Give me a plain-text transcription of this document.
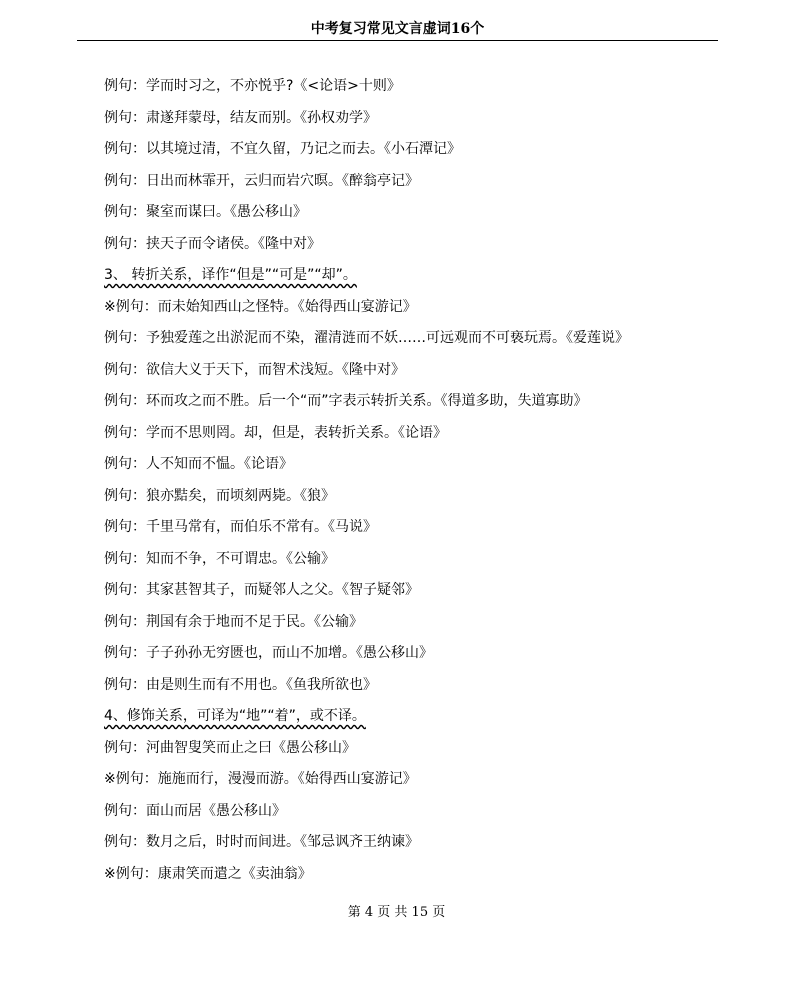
中考复习常见文言虚词16个
例句：学而时习之，不亦悦乎?《<论语>十则》
例句：肃遂拜蒙母，结友而别。《孙权劝学》
例句：以其境过清，不宜久留，乃记之而去。《小石潭记》
例句：日出而林霏开，云归而岩穴暝。《醉翁亭记》
例句：聚室而谋曰。《愚公移山》
例句：挟天子而令诸侯。《隆中对》
3、 转折关系，译作“但是”“可是”“却”。
※例句：而未始知西山之怪特。《始得西山宴游记》
例句：予独爱莲之出淤泥而不染，濯清涟而不妖……可远观而不可亵玩焉。《爱莲说》
例句：欲信大义于天下，而智术浅短。《隆中对》
例句：环而攻之而不胜。后一个“而”字表示转折关系。《得道多助，失道寡助》
例句：学而不思则罔。却，但是，表转折关系。《论语》
例句：人不知而不愠。《论语》
例句：狼亦黠矣，而顷刻两毙。《狼》
例句：千里马常有，而伯乐不常有。《马说》
例句：知而不争，不可谓忠。《公输》
例句：其家甚智其子，而疑邻人之父。《智子疑邻》
例句：荆国有余于地而不足于民。《公输》
例句：子子孙孙无穷匮也，而山不加增。《愚公移山》
例句：由是则生而有不用也。《鱼我所欲也》
4、修饰关系，可译为“地”“着”，或不译。
例句：河曲智叟笑而止之曰《愚公移山》
※例句：施施而行，漫漫而游。《始得西山宴游记》
例句：面山而居《愚公移山》
例句：数月之后，时时而间进。《邹忌讽齐王纳谏》
※例句：康肃笑而遣之《卖油翁》
第 4 页 共 15 页
